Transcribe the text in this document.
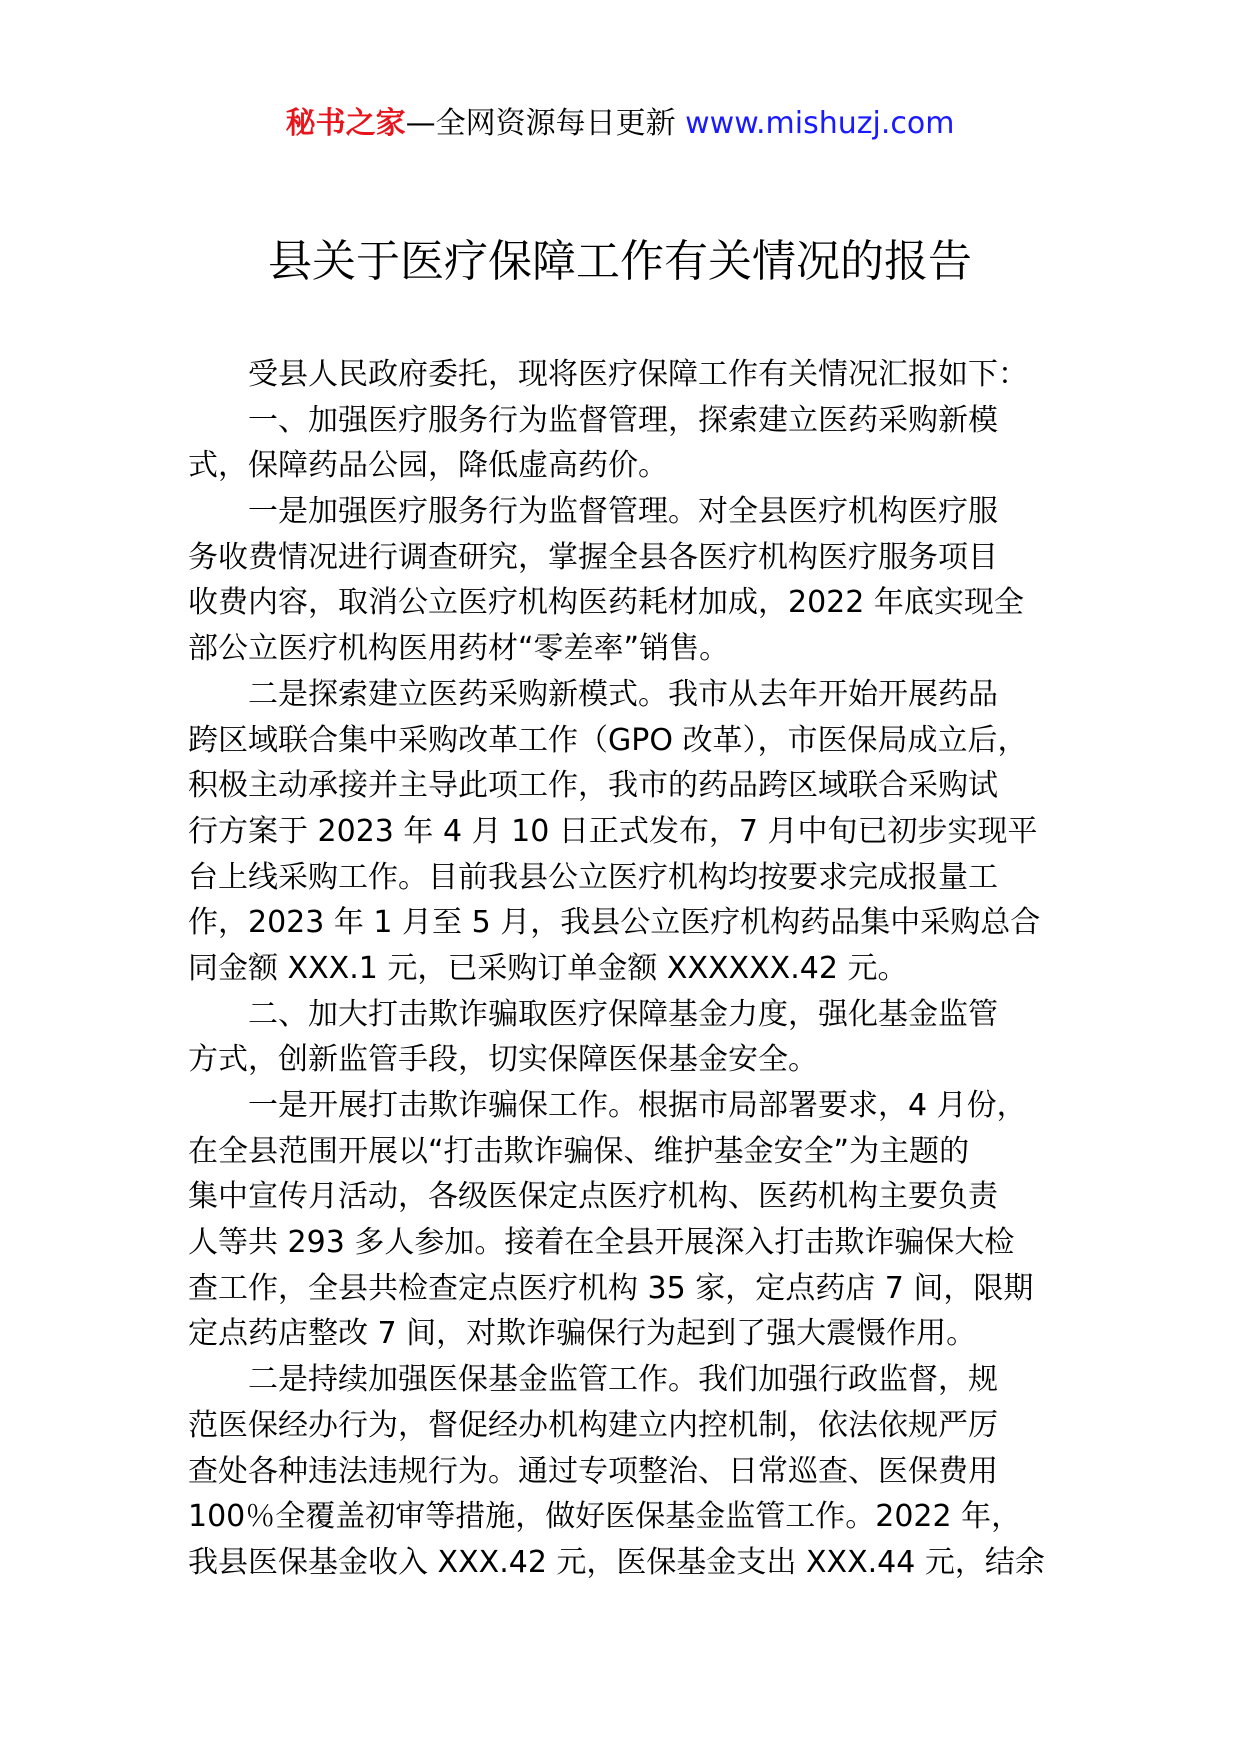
秘书之家—全网资源每日更新 www.mishuzj.com
县关于医疗保障工作有关情况的报告
受县人民政府委托，现将医疗保障工作有关情况汇报如下：
一、加强医疗服务行为监督管理，探索建立医药采购新模
式，保障药品公园，降低虚高药价。
一是加强医疗服务行为监督管理。对全县医疗机构医疗服
务收费情况进行调查研究，掌握全县各医疗机构医疗服务项目
收费内容，取消公立医疗机构医药耗材加成，2022 年底实现全
部公立医疗机构医用药材“零差率”销售。
二是探索建立医药采购新模式。我市从去年开始开展药品
跨区域联合集中采购改革工作（GPO 改革），市医保局成立后，
积极主动承接并主导此项工作，我市的药品跨区域联合采购试
行方案于 2023 年 4 月 10 日正式发布，7 月中旬已初步实现平
台上线采购工作。目前我县公立医疗机构均按要求完成报量工
作，2023 年 1 月至 5 月，我县公立医疗机构药品集中采购总合
同金额 XXX.1 元，已采购订单金额 XXXXXX.42 元。
二、加大打击欺诈骗取医疗保障基金力度，强化基金监管
方式，创新监管手段，切实保障医保基金安全。
一是开展打击欺诈骗保工作。根据市局部署要求，4 月份，
在全县范围开展以“打击欺诈骗保、维护基金安全”为主题的
集中宣传月活动，各级医保定点医疗机构、医药机构主要负责
人等共 293 多人参加。接着在全县开展深入打击欺诈骗保大检
查工作，全县共检查定点医疗机构 35 家，定点药店 7 间，限期
定点药店整改 7 间，对欺诈骗保行为起到了强大震慑作用。
二是持续加强医保基金监管工作。我们加强行政监督，规
范医保经办行为，督促经办机构建立内控机制，依法依规严厉
查处各种违法违规行为。通过专项整治、日常巡查、医保费用
100％全覆盖初审等措施，做好医保基金监管工作。2022 年，
我县医保基金收入 XXX.42 元，医保基金支出 XXX.44 元，结余
